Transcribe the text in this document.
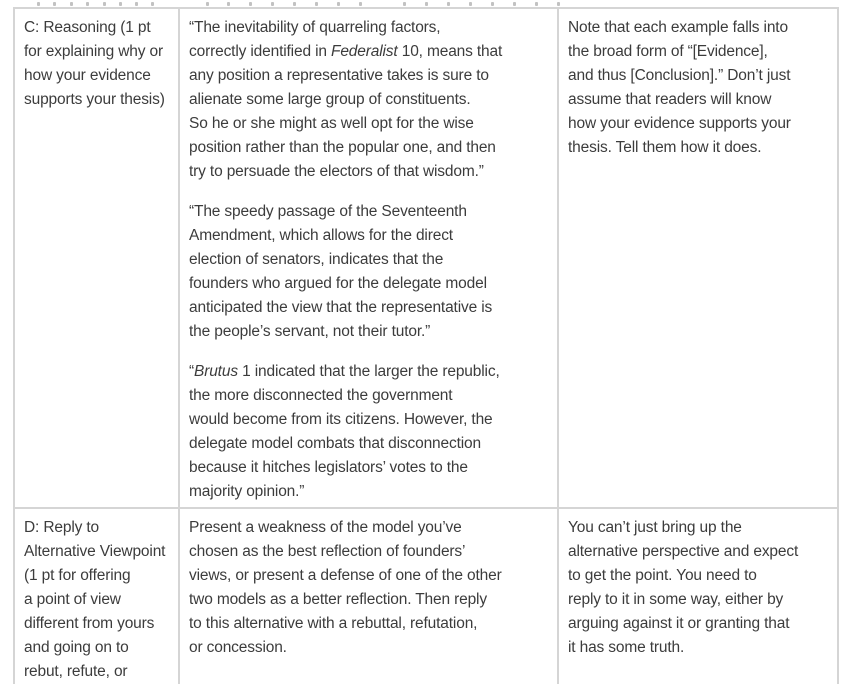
C: Reasoning (1 pt
for explaining why or
how your evidence
supports your thesis)
“The inevitability of quarreling factors,
correctly identified in Federalist 10, means that
any position a representative takes is sure to
alienate some large group of constituents.
So he or she might as well opt for the wise
position rather than the popular one, and then
try to persuade the electors of that wisdom.”
“The speedy passage of the Seventeenth
Amendment, which allows for the direct
election of senators, indicates that the
founders who argued for the delegate model
anticipated the view that the representative is
the people’s servant, not their tutor.”
“Brutus 1 indicated that the larger the republic,
the more disconnected the government
would become from its citizens. However, the
delegate model combats that disconnection
because it hitches legislators’ votes to the
majority opinion.”
Note that each example falls into
the broad form of “[Evidence],
and thus [Conclusion].” Don’t just
assume that readers will know
how your evidence supports your
thesis. Tell them how it does.
D: Reply to
Alternative Viewpoint
(1 pt for offering
a point of view
different from yours
and going on to
rebut, refute, or
Present a weakness of the model you’ve
chosen as the best reflection of founders’
views, or present a defense of one of the other
two models as a better reflection. Then reply
to this alternative with a rebuttal, refutation,
or concession.
You can’t just bring up the
alternative perspective and expect
to get the point. You need to
reply to it in some way, either by
arguing against it or granting that
it has some truth.
